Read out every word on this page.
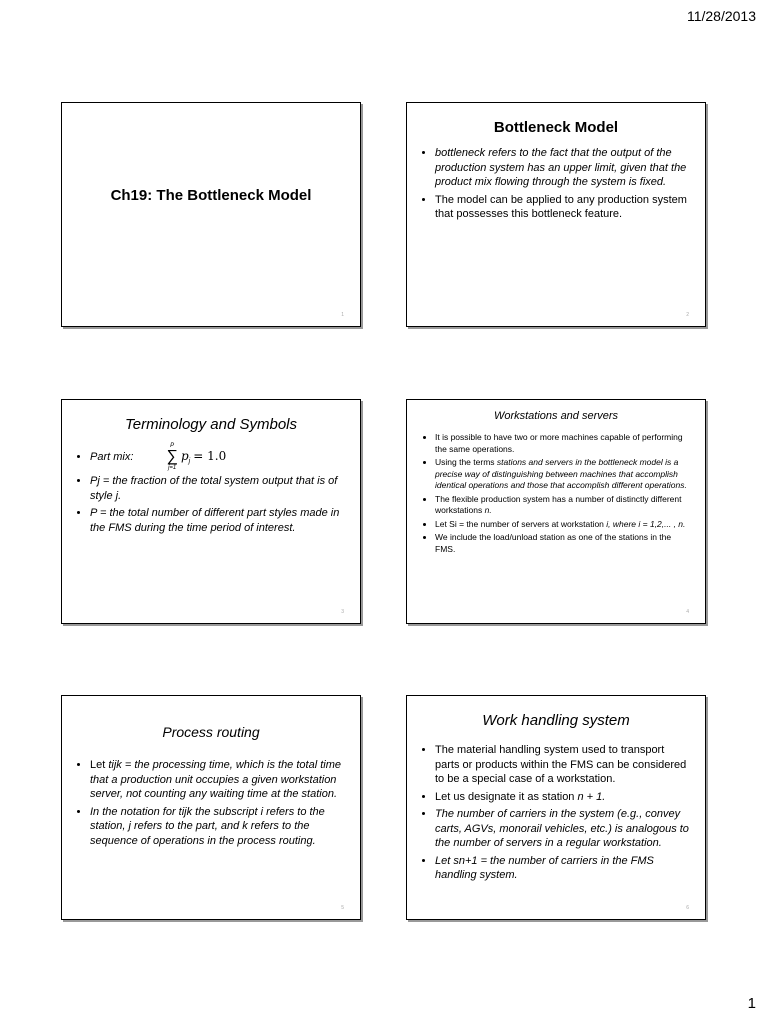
11/28/2013
Ch19: The Bottleneck Model
1
Bottleneck Model
• bottleneck refers to the fact that the output of the production system has an upper limit, given that the product mix flowing through the system is fixed.
• The model can be applied to any production system that possesses this bottleneck feature.
2
Terminology and Symbols
• Part mix:
P
∑
j=1
$p_j = 1.0$
• Pj = the fraction of the total system output that is of style j.
• P = the total number of different part styles made in the FMS during the time period of interest.
3
Workstations and servers
• It is possible to have two or more machines capable of performing the same operations.
• Using the terms stations and servers in the bottleneck model is a precise way of distinguishing between machines that accomplish identical operations and those that accomplish different operations.
• The flexible production system has a number of distinctly different workstations n.
• Let Si = the number of servers at workstation i, where i = 1,2,... , n.
• We include the load/unload station as one of the stations in the FMS.
4
Process routing
• Let tijk = the processing time, which is the total time that a production unit occupies a given workstation server, not counting any waiting time at the station.
• In the notation for tijk the subscript i refers to the station, j refers to the part, and k refers to the sequence of operations in the process routing.
5
Work handling system
• The material handling system used to transport parts or products within the FMS can be considered to be a special case of a workstation.
• Let us designate it as station n + 1.
• The number of carriers in the system (e.g., convey carts, AGVs, monorail vehicles, etc.) is analogous to the number of servers in a regular workstation.
• Let sn+1 = the number of carriers in the FMS handling system.
6
1
